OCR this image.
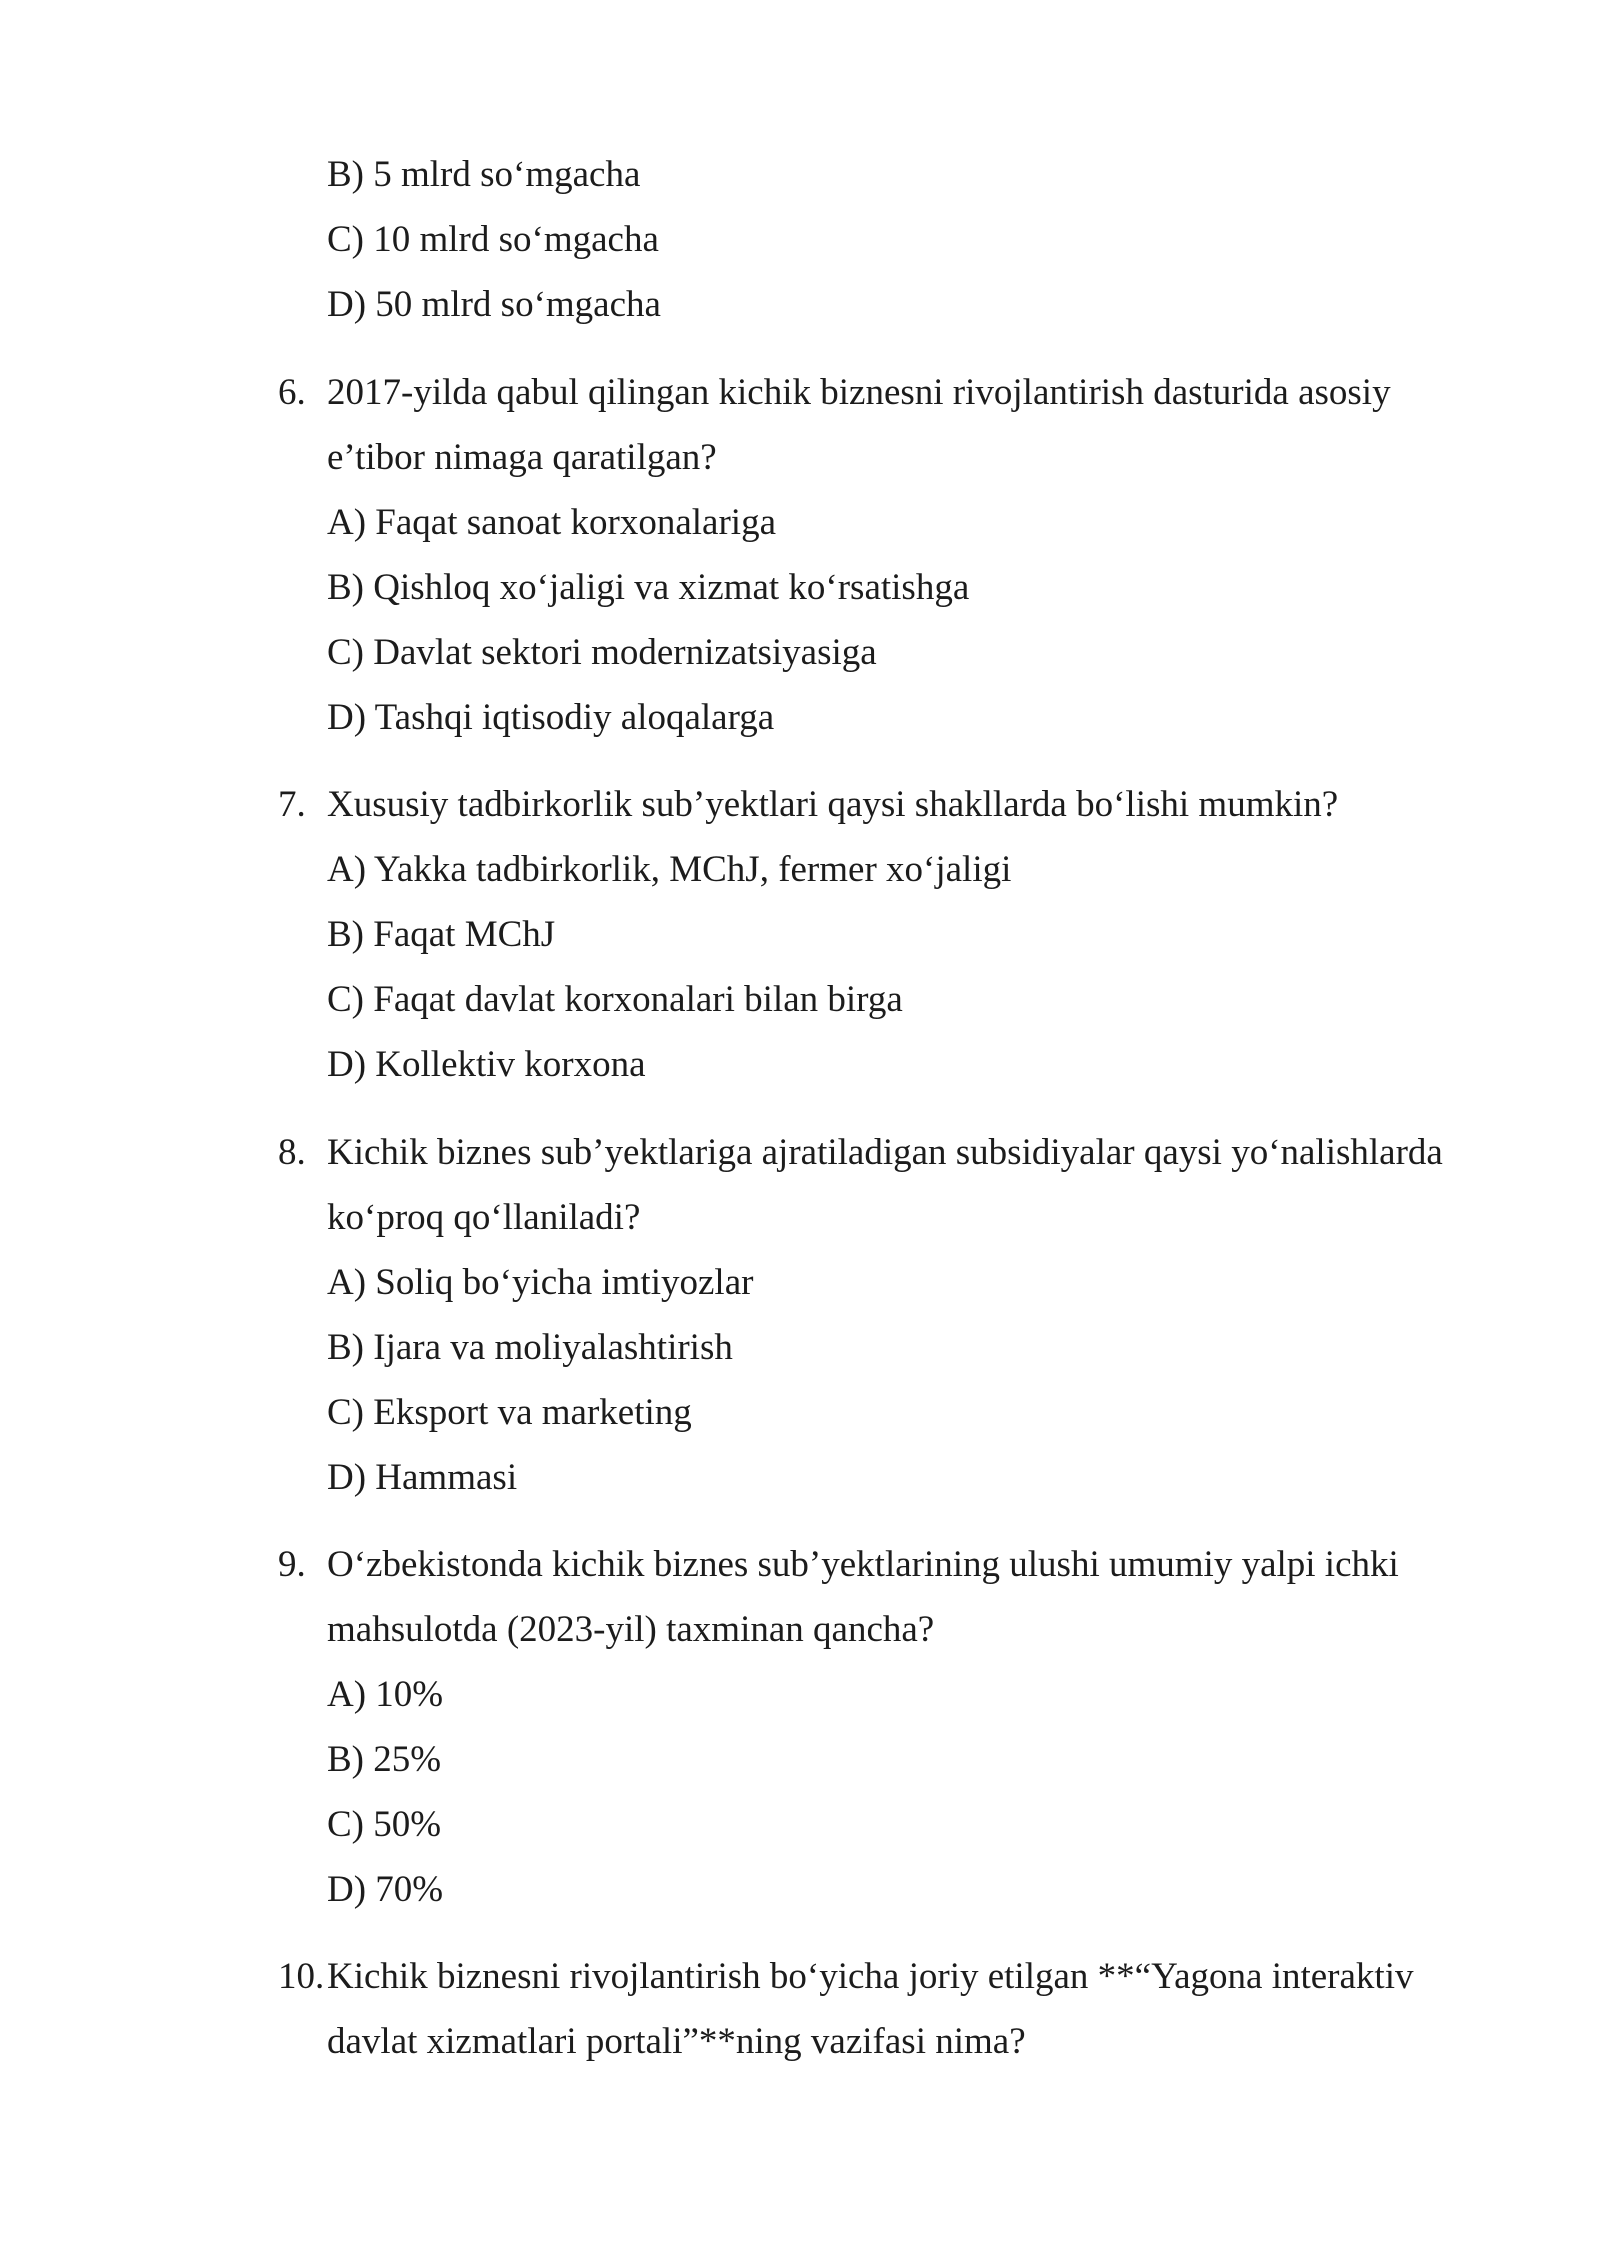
B) 5 mlrd so‘mgacha
C) 10 mlrd so‘mgacha
D) 50 mlrd so‘mgacha
6. 2017-yilda qabul qilingan kichik biznesni rivojlantirish dasturida asosiy
e’tibor nimaga qaratilgan?
A) Faqat sanoat korxonalariga
B) Qishloq xo‘jaligi va xizmat ko‘rsatishga
C) Davlat sektori modernizatsiyasiga
D) Tashqi iqtisodiy aloqalarga
7. Xususiy tadbirkorlik sub’yektlari qaysi shakllarda bo‘lishi mumkin?
A) Yakka tadbirkorlik, MChJ, fermer xo‘jaligi
B) Faqat MChJ
C) Faqat davlat korxonalari bilan birga
D) Kollektiv korxona
8. Kichik biznes sub’yektlariga ajratiladigan subsidiyalar qaysi yo‘nalishlarda
ko‘proq qo‘llaniladi?
A) Soliq bo‘yicha imtiyozlar
B) Ijara va moliyalashtirish
C) Eksport va marketing
D) Hammasi
9. O‘zbekistonda kichik biznes sub’yektlarining ulushi umumiy yalpi ichki
mahsulotda (2023-yil) taxminan qancha?
A) 10%
B) 25%
C) 50%
D) 70%
10. Kichik biznesni rivojlantirish bo‘yicha joriy etilgan **“Yagona interaktiv
davlat xizmatlari portali”**ning vazifasi nima?
